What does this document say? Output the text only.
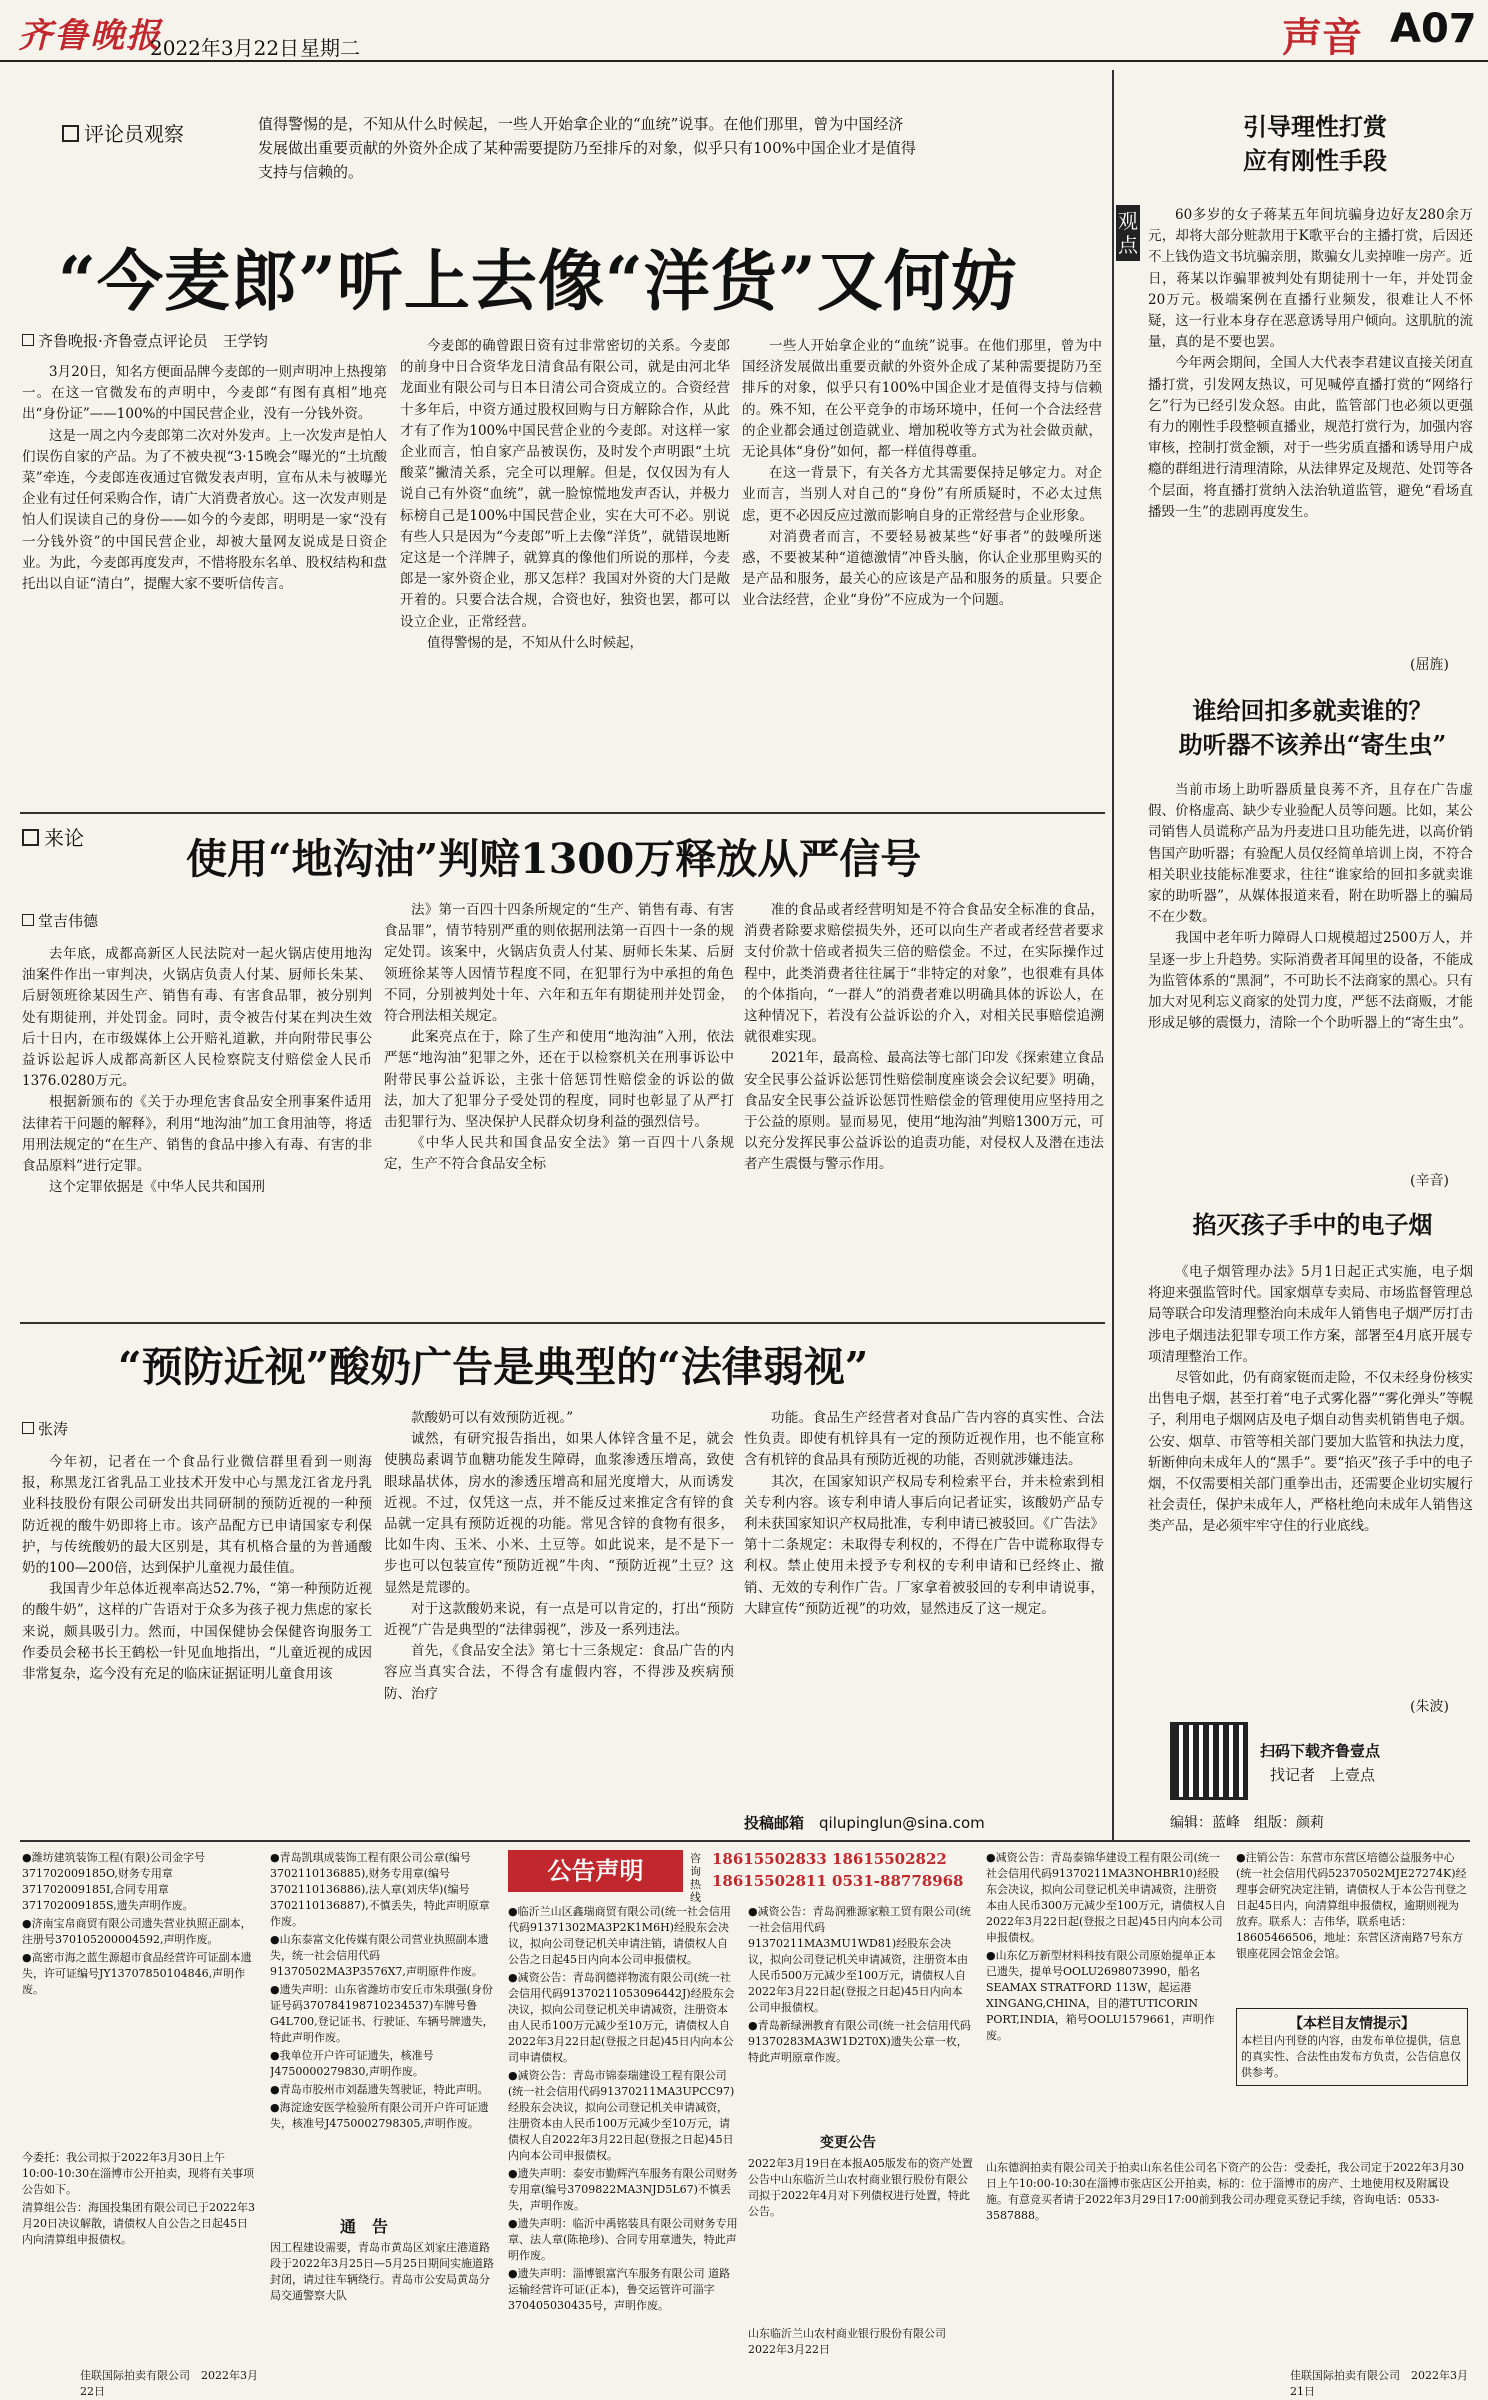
齐鲁晚报
2022年3月22日 星期二	声音 A07
评论员观察	值得警惕的是，不知从什么时候起，一些人开始拿企业的“血统”说事。在他们那里，曾为中国经济发展做出重要贡献的外资外企成了某种需要提防乃至排斥的对象，似乎只有100%中国企业才是值得支持与信赖的。
“今麦郎”听上去像“洋货”又何妨
齐鲁晚报·齐鲁壹点评论员　王学钧

3月20日，知名方便面品牌今麦郎的一则声明冲上热搜第一。在这一官微发布的声明中，今麦郎“有图有真相”地亮出“身份证”——100%的中国民营企业，没有一分钱外资。

这是一周之内今麦郎第二次对外发声。上一次发声是怕人们误伤自家的产品。为了不被央视“3·15晚会”曝光的“土坑酸菜”牵连，今麦郎连夜通过官微发表声明，宣布从未与被曝光企业有过任何采购合作，请广大消费者放心。这一次发声则是怕人们误读自己的身份——如今的今麦郎，明明是一家“没有一分钱外资”的中国民营企业，却被大量网友说成是日资企业。为此，今麦郎再度发声，不惜将股东名单、股权结构和盘托出以自证“清白”，提醒大家不要听信传言。

今麦郎的确曾跟日资有过非常密切的关系。今麦郎的前身中日合资华龙日清食品有限公司，就是由河北华龙面业有限公司与日本日清公司合资成立的。合资经营十多年后，中资方通过股权回购与日方解除合作，从此才有了作为100%中国民营企业的今麦郎。对这样一家企业而言，怕自家产品被误伤，及时发个声明跟“土坑酸菜”撇清关系，完全可以理解。但是，仅仅因为有人说自己有外资“血统”，就一脸惊慌地发声否认，并极力标榜自己是100%中国民营企业，实在大可不必。别说有些人只是因为“今麦郎”听上去像“洋货”，就错误地断定这是一个洋牌子，就算真的像他们所说的那样，今麦郎是一家外资企业，那又怎样？我国对外资的大门是敞开着的。只要合法合规，合资也好，独资也罢，都可以设立企业，正常经营。

值得警惕的是，不知从什么时候起，

一些人开始拿企业的“血统”说事。在他们那里，曾为中国经济发展做出重要贡献的外资外企成了某种需要提防乃至排斥的对象，似乎只有100%中国企业才是值得支持与信赖的。殊不知，在公平竞争的市场环境中，任何一个合法经营的企业都会通过创造就业、增加税收等方式为社会做贡献，无论具体“身份”如何，都一样值得尊重。

在这一背景下，有关各方尤其需要保持足够定力。对企业而言，当别人对自己的“身份”有所质疑时，不必太过焦虑，更不必因反应过激而影响自身的正常经营与企业形象。

对消费者而言，不要轻易被某些“好事者”的鼓噪所迷惑，不要被某种“道德激情”冲昏头脑，你认企业那里购买的是产品和服务，最关心的应该是产品和服务的质量。只要企业合法经营，企业“身份”不应成为一个问题。

来论 使用“地沟油”判赔1300万释放从严信号
堂吉伟德

去年底，成都高新区人民法院对一起火锅店使用地沟油案件作出一审判决，火锅店负责人付某、厨师长朱某、后厨领班徐某因生产、销售有毒、有害食品罪，被分别判处有期徒刑，并处罚金。同时，责令被告付某在判决生效后十日内，在市级媒体上公开赔礼道歉，并向附带民事公益诉讼起诉人成都高新区人民检察院支付赔偿金人民币1376.0280万元。

根据新颁布的《关于办理危害食品安全刑事案件适用法律若干问题的解释》，利用“地沟油”加工食用油等，将适用刑法规定的“在生产、销售的食品中掺入有毒、有害的非食品原料”进行定罪。

这个定罪依据是《中华人民共和国刑

法》第一百四十四条所规定的“生产、销售有毒、有害食品罪”，情节特别严重的则依据刑法第一百四十一条的规定处罚。该案中，火锅店负责人付某、厨师长朱某、后厨领班徐某等人因情节程度不同，在犯罪行为中承担的角色不同，分别被判处十年、六年和五年有期徒刑并处罚金，符合刑法相关规定。

此案亮点在于，除了生产和使用“地沟油”入刑，依法严惩“地沟油”犯罪之外，还在于以检察机关在刑事诉讼中附带民事公益诉讼，主张十倍惩罚性赔偿金的诉讼的做法，加大了犯罪分子受处罚的程度，同时也彰显了从严打击犯罪行为、坚决保护人民群众切身利益的强烈信号。

《中华人民共和国食品安全法》第一百四十八条规定，生产不符合食品安全标

准的食品或者经营明知是不符合食品安全标准的食品，消费者除要求赔偿损失外，还可以向生产者或者经营者要求支付价款十倍或者损失三倍的赔偿金。不过，在实际操作过程中，此类消费者往往属于“非特定的对象”，也很难有具体的个体指向，“一群人”的消费者难以明确具体的诉讼人，在这种情况下，若没有公益诉讼的介入，对相关民事赔偿追溯就很难实现。

2021年，最高检、最高法等七部门印发《探索建立食品安全民事公益诉讼惩罚性赔偿制度座谈会会议纪要》明确，食品安全民事公益诉讼惩罚性赔偿金的管理使用应坚持用之于公益的原则。显而易见，使用“地沟油”判赔1300万元，可以充分发挥民事公益诉讼的追责功能，对侵权人及潜在违法者产生震慑与警示作用。

“预防近视”酸奶广告是典型的“法律弱视”
张涛

今年初，记者在一个食品行业微信群里看到一则海报，称黑龙江省乳品工业技术开发中心与黑龙江省龙丹乳业科技股份有限公司研发出共同研制的预防近视的一种预防近视的酸牛奶即将上市。该产品配方已申请国家专利保护，与传统酸奶的最大区别是，其有机格合量的为普通酸奶的100—200倍，达到保护儿童视力最佳值。

我国青少年总体近视率高达52.7%，“第一种预防近视的酸牛奶”，这样的广告语对于众多为孩子视力焦虑的家长来说，颇具吸引力。然而，中国保健协会保健咨询服务工作委员会秘书长王鹤松一针见血地指出，“儿童近视的成因非常复杂，迄今没有充足的临床证据证明儿童食用该

款酸奶可以有效预防近视。”

诚然，有研究报告指出，如果人体锌含量不足，就会使胰岛素调节血糖功能发生障碍，血浆渗透压增高，致使眼球晶状体，房水的渗透压增高和屈光度增大，从而诱发近视。不过，仅凭这一点，并不能反过来推定含有锌的食品就一定具有预防近视的功能。常见含锌的食物有很多，比如牛肉、玉米、小米、土豆等。如此说来，是不是下一步也可以包装宣传“预防近视”牛肉、“预防近视”土豆？这显然是荒谬的。

对于这款酸奶来说，有一点是可以肯定的，打出“预防近视”广告是典型的“法律弱视”，涉及一系列违法。

首先，《食品安全法》第七十三条规定：食品广告的内容应当真实合法，不得含有虚假内容，不得涉及疾病预防、治疗

功能。食品生产经营者对食品广告内容的真实性、合法性负责。即使有机锌具有一定的预防近视作用，也不能宣称含有机锌的食品具有预防近视的功能，否则就涉嫌违法。

其次，在国家知识产权局专利检索平台，并未检索到相关专利内容。该专利申请人事后向记者证实，该酸奶产品专利未获国家知识产权局批准，专利申请已被驳回。《广告法》第十二条规定：未取得专利权的，不得在广告中谎称取得专利权。禁止使用未授予专利权的专利申请和已经终止、撤销、无效的专利作广告。厂家拿着被驳回的专利申请说事，大肆宣传“预防近视”的功效，显然违反了这一规定。

投稿邮箱　 qilupinglun@sina.com
观点
引导理性打赏
应有刚性手段

60多岁的女子蒋某五年间坑骗身边好友280余万元，却将大部分赃款用于K歌平台的主播打赏，后因还不上钱伪造文书坑骗亲朋，欺骗女儿卖掉唯一房产。近日，蒋某以诈骗罪被判处有期徒刑十一年，并处罚金20万元。极端案例在直播行业频发，很难让人不怀疑，这一行业本身存在恶意诱导用户倾向。这肌肮的流量，真的是不要也罢。

今年两会期间，全国人大代表李君建议直接关闭直播打赏，引发网友热议，可见喊停直播打赏的“网络行乞”行为已经引发众怒。由此，监管部门也必须以更强有力的刚性手段整顿直播业，规范打赏行为，加强内容审核，控制打赏金额，对于一些劣质直播和诱导用户成瘾的群组进行清理清除，从法律界定及规范、处罚等各个层面，将直播打赏纳入法治轨道监管，避免“看场直播毁一生”的悲剧再度发生。

(屈旌)
谁给回扣多就卖谁的？
助听器不该养出“寄生虫”

当前市场上助听器质量良莠不齐，且存在广告虚假、价格虚高、缺少专业验配人员等问题。比如，某公司销售人员谎称产品为丹麦进口且功能先进，以高价销售国产助听器；有验配人员仅经简单培训上岗，不符合相关职业技能标准要求，往往“谁家给的回扣多就卖谁家的助听器”，从媒体报道来看，附在助听器上的骗局不在少数。

我国中老年听力障碍人口规模超过2500万人，并呈逐一步上升趋势。实际消费者耳闻里的设备，不能成为监管体系的“黑洞”，不可助长不法商家的黑心。只有加大对见利忘义商家的处罚力度，严惩不法商贩，才能形成足够的震慑力，清除一个个助听器上的“寄生虫”。

(辛音)
掐灭孩子手中的电子烟

《电子烟管理办法》5月1日起正式实施，电子烟将迎来强监管时代。国家烟草专卖局、市场监督管理总局等联合印发清理整治向未成年人销售电子烟严厉打击涉电子烟违法犯罪专项工作方案，部署至4月底开展专项清理整治工作。

尽管如此，仍有商家铤而走险，不仅未经身份核实出售电子烟，甚至打着“电子式雾化器”“雾化弹头”等幌子，利用电子烟网店及电子烟自动售卖机销售电子烟。公安、烟草、市管等相关部门要加大监管和执法力度，斩断伸向未成年人的“黑手”。要“掐灭”孩子手中的电子烟，不仅需要相关部门重拳出击，还需要企业切实履行社会责任，保护未成年人，严格杜绝向未成年人销售这类产品，是必须牢牢守住的行业底线。

(朱波)
扫码下载齐鲁壹点
找记者　上壹点
编辑：蓝峰　组版：颜莉

●潍坊建筑装饰工程(有限)公司金字号371702009185O,财务专用章371702009185I,合同专用章371702009185S,遗失声明作废。

●济南宝帛商贸有限公司遗失营业执照正副本，注册号370105200004592,声明作废。

●高密市海之蓝生源超市食品经营许可证副本遗失，许可证编号JY13707850104846,声明作废。

今委托：我公司拟于2022年3月30日上午10:00-10:30在淄博市公开拍卖，现将有关事项公告如下。

清算组公告：海国投集团有限公司已于2022年3月20日决议解散，请债权人自公告之日起45日内向清算组申报债权。

佳联国际拍卖有限公司　2022年3月22日

●青岛凯琪成装饰工程有限公司公章(编号3702110136885),财务专用章(编号3702110136886),法人章(刘庆华)(编号3702110136887),不慎丢失，特此声明原章作废。

●山东泰富文化传媒有限公司营业执照副本遗失，统一社会信用代码91370502MA3P3576X7,声明原件作废。

●遗失声明：山东省潍坊市安丘市朱琪强(身份证号码370784198710234537)车牌号鲁G4L700,登记证书、行驶证、车辆号牌遗失，特此声明作废。

●我单位开户许可证遗失，核准号J4750000279830,声明作废。

●青岛市胶州市刘磊遗失驾驶证，特此声明。

●海淀途安医学检验所有限公司开户许可证遗失，核准号J4750002798305,声明作废。

通　告
因工程建设需要，青岛市黄岛区刘家庄港道路段于2022年3月25日—5月25日期间实施道路封闭，请过往车辆绕行。青岛市公安局黄岛分局交通警察大队
公告声明	咨询热线
18615502833 18615502822
18615502811 0531-88778968

●临沂兰山区鑫瑞商贸有限公司(统一社会信用代码91371302MA3P2K1M6H)经股东会决议，拟向公司登记机关申请注销，请债权人自公告之日起45日内向本公司申报债权。

●减资公告：青岛润德祥物流有限公司(统一社会信用代码91370211053096442J)经股东会决议，拟向公司登记机关申请减资，注册资本由人民币100万元减少至10万元，请债权人自2022年3月22日起(登报之日起)45日内向本公司申请债权。

●减资公告：青岛市锦泰瑞建设工程有限公司(统一社会信用代码91370211MA3UPCC97)经股东会决议，拟向公司登记机关申请减资，注册资本由人民币100万元减少至10万元，请债权人自2022年3月22日起(登报之日起)45日内向本公司申报债权。

●遗失声明：泰安市勤辉汽车服务有限公司财务专用章(编号3709822MA3NJD5L67)不慎丢失，声明作废。

●遗失声明：临沂中禹铭装具有限公司财务专用章、法人章(陈艳珍)、合同专用章遗失，特此声明作废。

●遗失声明：淄博银富汽车服务有限公司 道路运输经营许可证(正本)，鲁交运管许可淄字370405030435号，声明作废。

●减资公告：青岛润雅源家粮工贸有限公司(统一社会信用代码91370211MA3MU1WD81)经股东会决议，拟向公司登记机关申请减资，注册资本由人民币500万元减少至100万元，请债权人自2022年3月22日起(登报之日起)45日内向本公司申报债权。

●青岛新绿洲教育有限公司(统一社会信用代码91370283MA3W1D2T0X)遗失公章一枚，特此声明原章作废。

变更公告
2022年3月19日在本报A05版发布的资产处置公告中山东临沂兰山农村商业银行股份有限公司拟于2022年4月对下列债权进行处置，特此公告。
山东临沂兰山农村商业银行股份有限公司　2022年3月22日

●减资公告：青岛泰锦华建设工程有限公司(统一社会信用代码91370211MA3NOHBR10)经股东会决议，拟向公司登记机关申请减资，注册资本由人民币300万元减少至100万元，请债权人自2022年3月22日起(登报之日起)45日内向本公司申报债权。

●山东亿万新型材料科技有限公司原始提单正本已遗失，提单号OOLU2698073990，船名SEAMAX STRATFORD 113W，起运港XINGANG,CHINA，目的港TUTICORIN PORT,INDIA，箱号OOLU1579661，声明作废。

●注销公告：东营市东营区培德公益服务中心(统一社会信用代码52370502MJE27274K)经理事会研究决定注销，请债权人于本公告刊登之日起45日内，向清算组申报债权，逾期则视为放弃。联系人：吉伟华，联系电话：18605466506，地址：东营区济南路7号东方银座花园会馆金会馆。

【本栏目友情提示】
本栏目内刊登的内容，由发布单位提供，信息的真实性、合法性由发布方负责，公告信息仅供参考。
山东德润拍卖有限公司关于拍卖山东名佳公司名下资产的公告：受委托，我公司定于2022年3月30日上午10:00-10:30在淄博市张店区公开拍卖，标的：位于淄博市的房产、土地使用权及附属设施。有意竞买者请于2022年3月29日17:00前到我公司办理竞买登记手续，咨询电话：0533-3587888。
佳联国际拍卖有限公司　2022年3月21日
